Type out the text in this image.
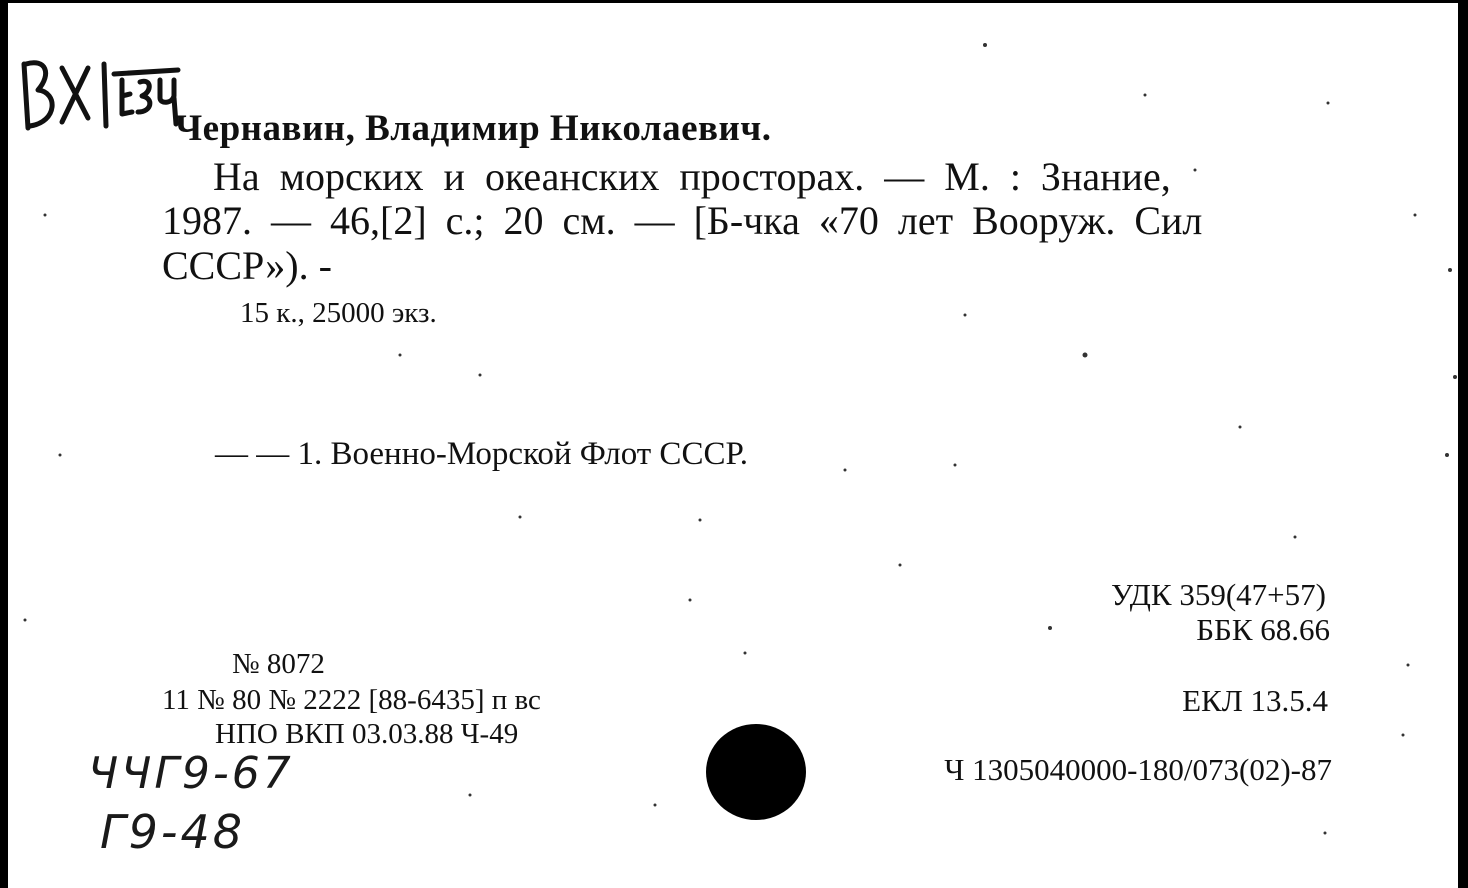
Чернавин, Владимир Николаевич.
На морских и океанских просторах. — М. : Знание,
1987. — 46,[2] с.; 20 см. — [Б-чка «70 лет Вооруж. Сил
СССР»). -
15 к., 25000 экз.
— — 1. Военно-Морской Флот СССР.
УДК 359(47+57)
ББК 68.66
ЕКЛ 13.5.4
Ч 1305040000-180/073(02)-87
№ 8072
11 № 80 № 2222 [88-6435] п вс
НПО ВКП 03.03.88 Ч-49
ЧЧГ9-67
Г9-48
